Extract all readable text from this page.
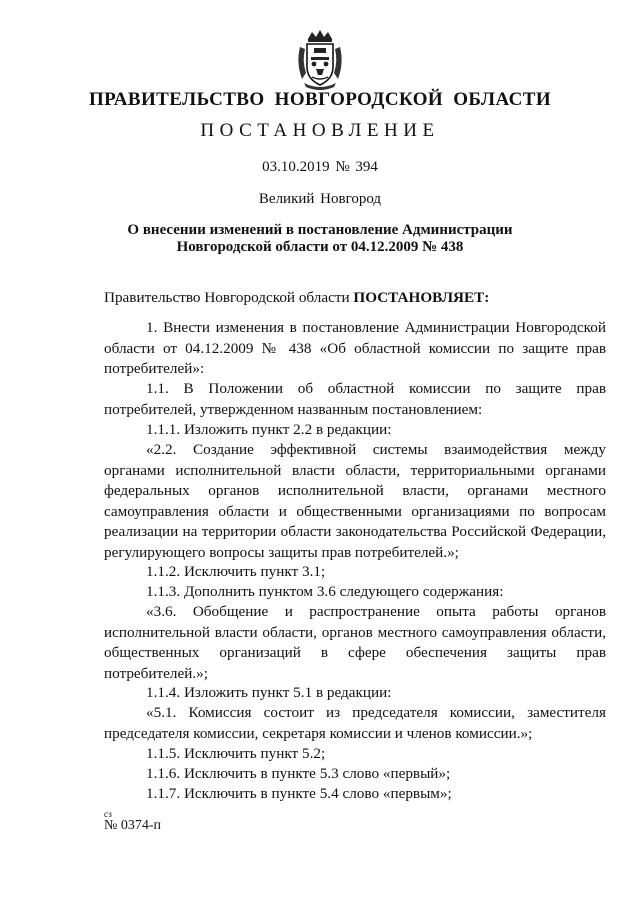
ПРАВИТЕЛЬСТВО НОВГОРОДСКОЙ ОБЛАСТИ
ПОСТАНОВЛЕНИЕ
03.10.2019 № 394
Великий Новгород
О внесении изменений в постановление Администрации
Новгородской области от 04.12.2009 № 438

Правительство Новгородской области ПОСТАНОВЛЯЕТ:

1. Внести изменения в постановление Администрации Новгородской области от 04.12.2009 № 438 «Об областной комиссии по защите прав потребителей»:

1.1. В Положении об областной комиссии по защите прав потребителей, утвержденном названным постановлением:

1.1.1. Изложить пункт 2.2 в редакции:

«2.2. Создание эффективной системы взаимодействия между органами исполнительной власти области, территориальными органами федеральных органов исполнительной власти, органами местного самоуправления области и общественными организациями по вопросам реализации на территории области законодательства Российской Федерации, регулирующего вопросы защиты прав потребителей.»;

1.1.2. Исключить пункт 3.1;

1.1.3. Дополнить пунктом 3.6 следующего содержания:

«3.6. Обобщение и распространение опыта работы органов исполнительной власти области, органов местного самоуправления области, общественных организаций в сфере обеспечения защиты прав потребителей.»;

1.1.4. Изложить пункт 5.1 в редакции:

«5.1. Комиссия состоит из председателя комиссии, заместителя председателя комиссии, секретаря комиссии и членов комиссии.»;

1.1.5. Исключить пункт 5.2;

1.1.6. Исключить в пункте 5.3 слово «первый»;

1.1.7. Исключить в пункте 5.4 слово «первым»;

сз
№ 0374-п
